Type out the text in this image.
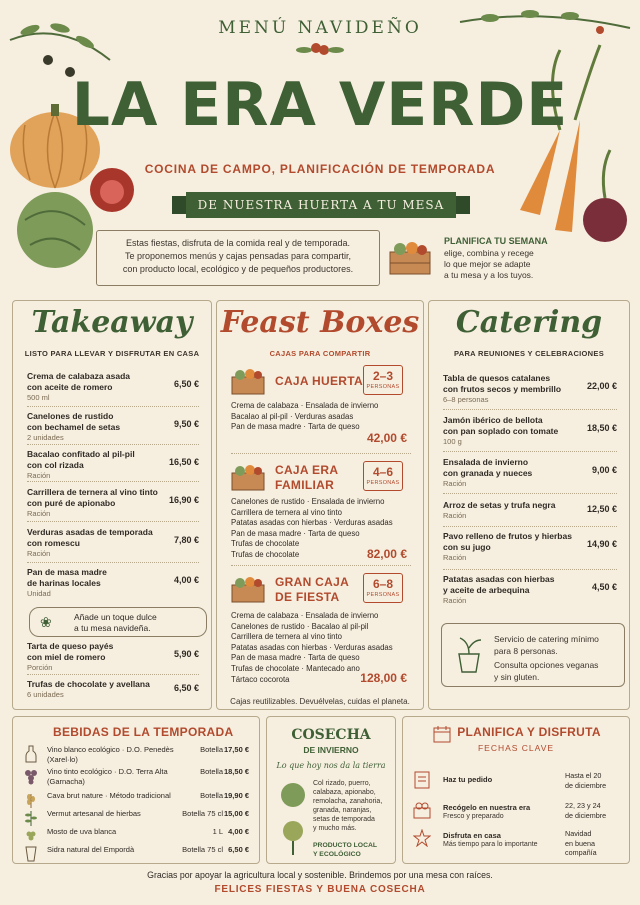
MENÚ NAVIDEÑO
LA ERA VERDE
COCINA DE CAMPO, PLANIFICACIÓN DE TEMPORADA
DE NUESTRA HUERTA A TU MESA
Estas fiestas, disfruta de la comida real y de temporada.
Te proponemos menús y cajas pensadas para compartir,
con producto local, ecológico y de pequeños productores.
PLANIFICA TU SEMANA
elige, combina y recege
lo que mejor se adapte
a tu mesa y a los tuyos.
Takeaway
LISTO PARA LLEVAR Y DISFRUTAR EN CASA
Crema de calabaza asada
con aceite de romero
500 ml
6,50 €
Canelones de rustido
con bechamel de setas
2 unidades
9,50 €
Bacalao confitado al pil-pil
con col rizada
Ración
16,50 €
Carrillera de ternera al vino tinto
con puré de apionabo
Ración
16,90 €
Verduras asadas de temporada
con romescu
Ración
7,80 €
Pan de masa madre
de harinas locales
Unidad
4,00 €
❀	Añade un toque dulce
a tu mesa navideña.
Tarta de queso payés
con miel de romero
Porción
5,90 €
Trufas de chocolate y avellana
6 unidades
6,50 €
Feast Boxes
CAJAS PARA COMPARTIR
CAJA HUERTA 2–3
PERSONAS
Crema de calabaza · Ensalada de invierno
Bacalao al pil-pil · Verduras asadas
Pan de masa madre · Tarta de queso
42,00 €
CAJA ERA
FAMILIAR
4–6
PERSONAS
Canelones de rustido · Ensalada de invierno
Carrillera de ternera al vino tinto
Patatas asadas con hierbas · Verduras asadas
Pan de masa madre · Tarta de queso
Trufas de chocolate
Trufas de chocolate	82,00 €
GRAN CAJA
DE FIESTA
6–8
PERSONAS
Crema de calabaza · Ensalada de invierno
Canelones de rustido · Bacalao al pil-pil
Carrillera de ternera al vino tinto
Patatas asadas con hierbas · Verduras asadas
Pan de masa madre · Tarta de queso
Trufas de chocolate · Mantecado ano
Tártaco cocorota	128,00 €
Cajas reutilizables. Devuélvelas, cuidas el planeta.
Catering
PARA REUNIONES Y CELEBRACIONES
Tabla de quesos catalanes
con frutos secos y membrillo
6–8 personas
22,00 €
Jamón ibérico de bellota
con pan soplado con tomate
100 g
18,50 €
Ensalada de invierno
con granada y nueces
Ración
9,00 €
Arroz de setas y trufa negra
Ración
12,50 €
Pavo relleno de frutos y hierbas
con su jugo
Ración
14,90 €
Patatas asadas con hierbas
y aceite de arbequina
Ración
4,50 €
Servicio de catering mínimo
para 8 personas.
Consulta opciones veganas
y sin gluten.
BEBIDAS DE LA TEMPORADA
Vino blanco ecológico · D.O. Penedès
(Xarel·lo)
Botella 17,50 €
Vino tinto ecológico · D.O. Terra Alta
(Garnacha)
Botella 18,50 €
Cava brut nature · Método tradicional	Botella 19,90 €
Vermut artesanal de hierbas	Botella 75 cl 15,00 €
Mosto de uva blanca	1 L 4,00 €
Sidra natural del Empordà	Botella 75 cl 6,50 €
COSECHA
DE INVIERNO
Lo que hoy nos da la tierra
Col rizado, puerro,
calabaza, apionabo,
remolacha, zanahoria,
granada, naranjas,
setas de temporada
y mucho más.
PRODUCTO LOCAL
Y ECOLÓGICO
PLANIFICA Y DISFRUTA
FECHAS CLAVE
Haz tu pedido	Hasta el 20
de diciembre
Recógelo en nuestra era
Fresco y preparado
22, 23 y 24
de diciembre
Disfruta en casa
Más tiempo para lo importante
Navidad
en buena
compañía
Gracias por apoyar la agricultura local y sostenible. Brindemos por una mesa con raíces.
FELICES FIESTAS Y BUENA COSECHA
